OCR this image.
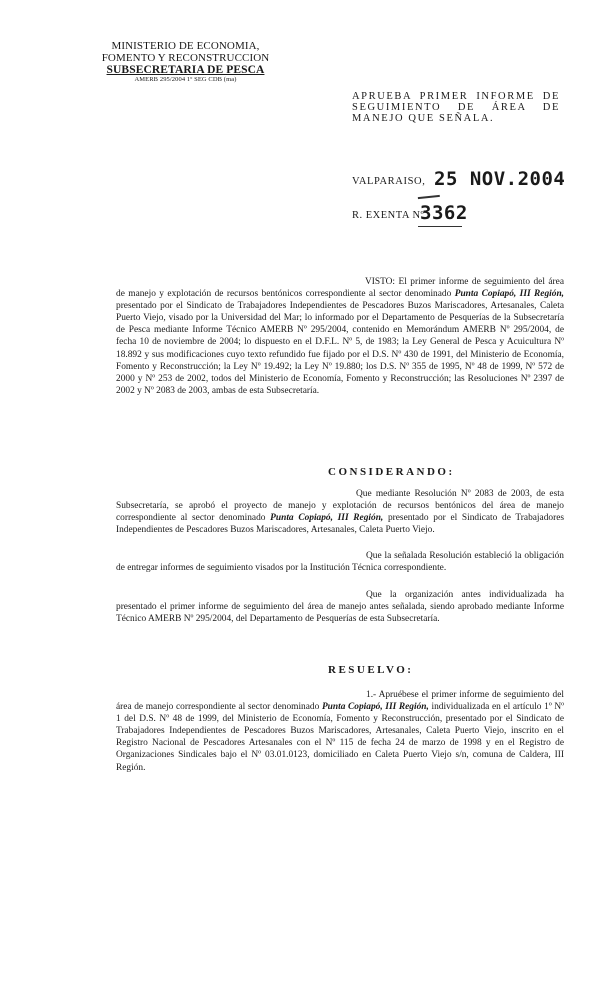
MINISTERIO DE ECONOMIA,
FOMENTO Y RECONSTRUCCION
SUBSECRETARIA DE PESCA
AMERB 295/2004 1º SEG CDB (ma)
APRUEBA PRIMER INFORME DE SEGUIMIENTO DE ÁREA DE MANEJO QUE SEÑALA.
VALPARAISO, 25 NOV.2004
R. EXENTA Nº
3362
VISTO: El primer informe de seguimiento del área de manejo y explotación de recursos bentónicos correspondiente al sector denominado Punta Copiapó, III Región, presentado por el Sindicato de Trabajadores Independientes de Pescadores Buzos Mariscadores, Artesanales, Caleta Puerto Viejo, visado por la Universidad del Mar; lo informado por el Departamento de Pesquerías de la Subsecretaría de Pesca mediante Informe Técnico AMERB Nº 295/2004, contenido en Memorándum AMERB Nº 295/2004, de fecha 10 de noviembre de 2004; lo dispuesto en el D.F.L. Nº 5, de 1983; la Ley General de Pesca y Acuicultura Nº 18.892 y sus modificaciones cuyo texto refundido fue fijado por el D.S. Nº 430 de 1991, del Ministerio de Economía, Fomento y Reconstrucción; la Ley Nº 19.492; la Ley Nº 19.880; los D.S. Nº 355 de 1995, Nº 48 de 1999, Nº 572 de 2000 y Nº 253 de 2002, todos del Ministerio de Economía, Fomento y Reconstrucción; las Resoluciones Nº 2397 de 2002 y Nº 2083 de 2003, ambas de esta Subsecretaría.
CONSIDERANDO:
Que mediante Resolución Nº 2083 de 2003, de esta Subsecretaría, se aprobó el proyecto de manejo y explotación de recursos bentónicos del área de manejo correspondiente al sector denominado Punta Copiapó, III Región, presentado por el Sindicato de Trabajadores Independientes de Pescadores Buzos Mariscadores, Artesanales, Caleta Puerto Viejo.
Que la señalada Resolución estableció la obligación de entregar informes de seguimiento visados por la Institución Técnica correspondiente.
Que la organización antes individualizada ha presentado el primer informe de seguimiento del área de manejo antes señalada, siendo aprobado mediante Informe Técnico AMERB Nº 295/2004, del Departamento de Pesquerías de esta Subsecretaría.
RESUELVO:
1.- Apruébese el primer informe de seguimiento del área de manejo correspondiente al sector denominado Punta Copiapó, III Región, individualizada en el artículo 1º Nº 1 del D.S. Nº 48 de 1999, del Ministerio de Economía, Fomento y Reconstrucción, presentado por el Sindicato de Trabajadores Independientes de Pescadores Buzos Mariscadores, Artesanales, Caleta Puerto Viejo, inscrito en el Registro Nacional de Pescadores Artesanales con el Nº 115 de fecha 24 de marzo de 1998 y en el Registro de Organizaciones Sindicales bajo el Nº 03.01.0123, domiciliado en Caleta Puerto Viejo s/n, comuna de Caldera, III Región.
